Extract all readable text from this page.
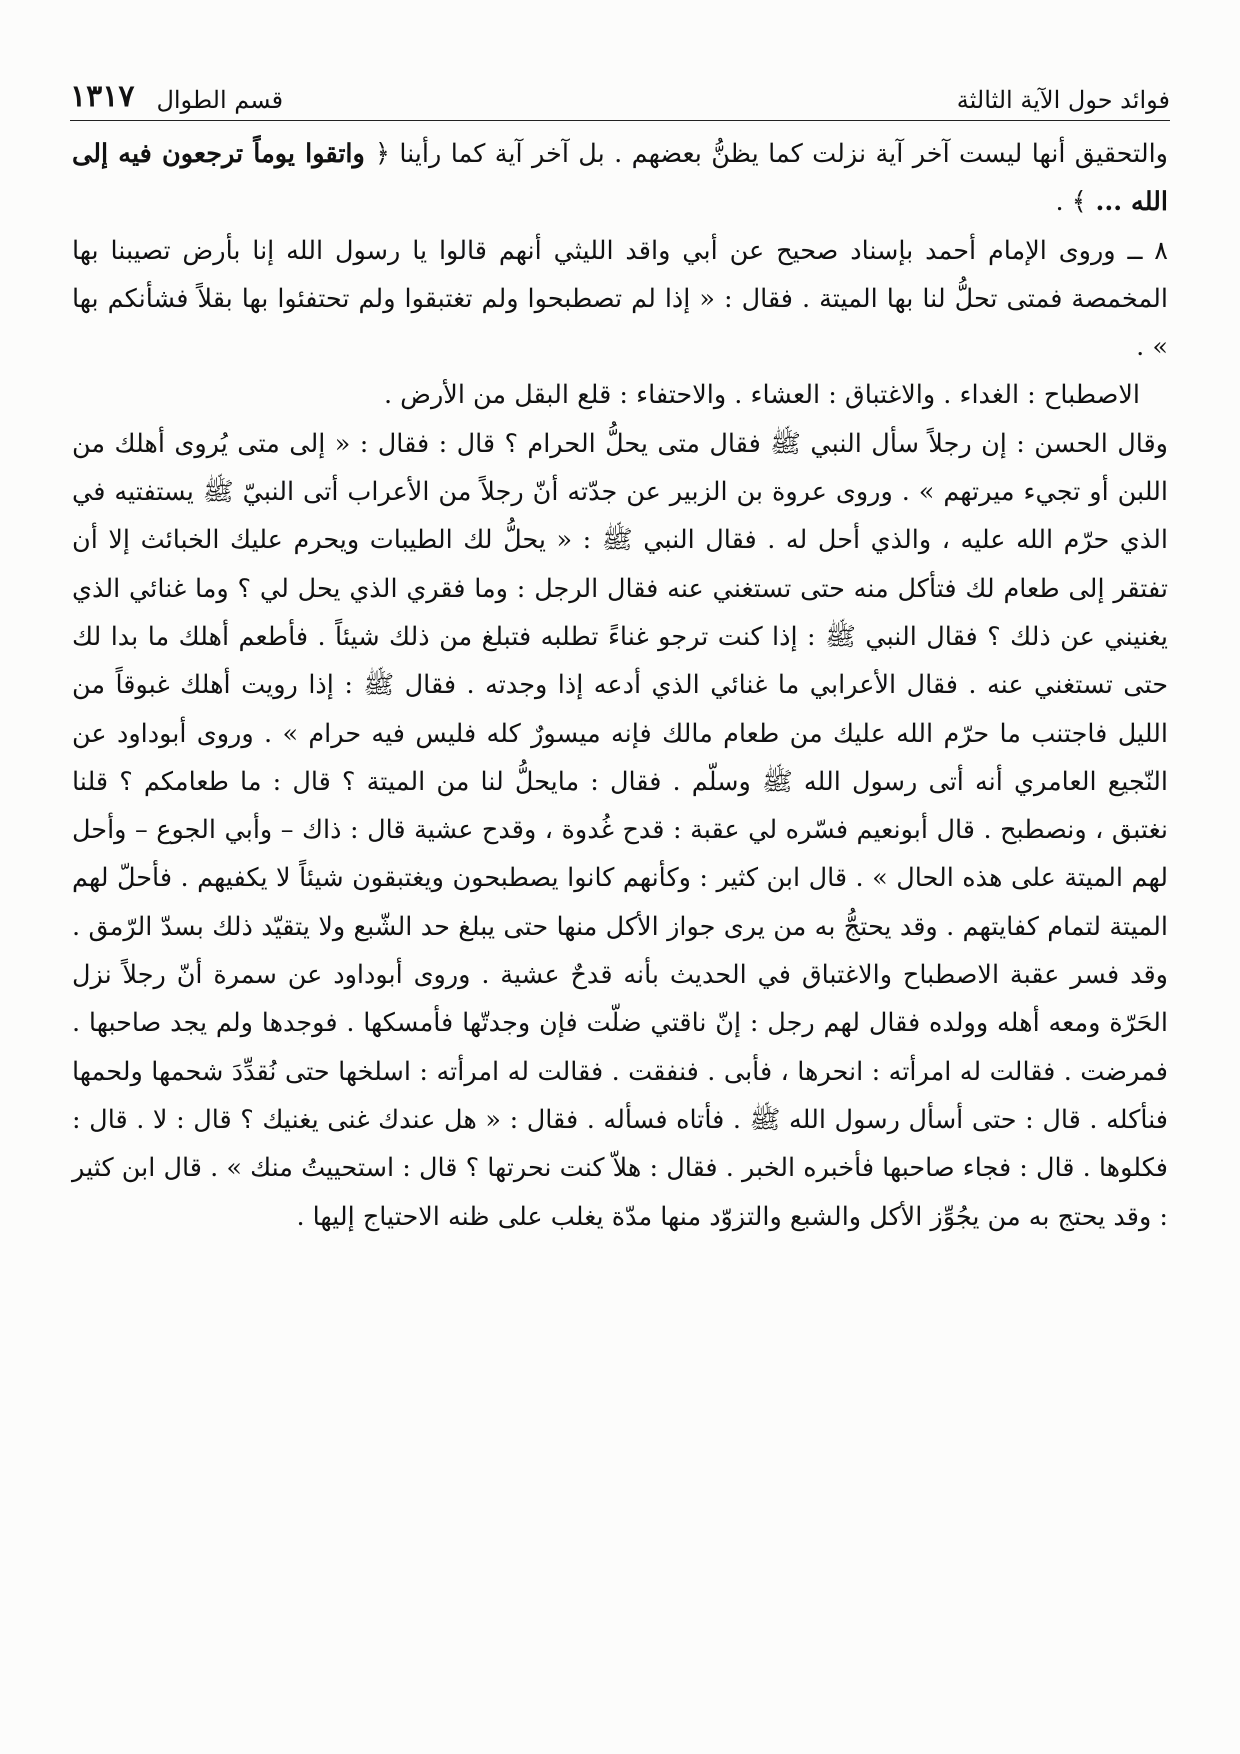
فوائد حول الآية الثالثة
قسم الطوال
١٣١٧

والتحقيق أنها ليست آخر آية نزلت كما يظنُّ بعضهم . بل آخر آية كما رأينا ﴿ واتقوا يوماً ترجعون فيه إلى الله ... ﴾ .

٨ ــ وروى الإمام أحمد بإسناد صحيح عن أبي واقد الليثي أنهم قالوا يا رسول الله إنا بأرض تصيبنا بها المخمصة فمتى تحلُّ لنا بها الميتة . فقال : « إذا لم تصطبحوا ولم تغتبقوا ولم تحتفئوا بها بقلاً فشأنكم بها » .

الاصطباح : الغداء . والاغتباق : العشاء . والاحتفاء : قلع البقل من الأرض .

وقال الحسن : إن رجلاً سأل النبي ﷺ فقال متى يحلُّ الحرام ؟ قال : فقال : « إلى متى يُروى أهلك من اللبن أو تجيء ميرتهم » . وروى عروة بن الزبير عن جدّته أنّ رجلاً من الأعراب أتى النبيّ ﷺ يستفتيه في الذي حرّم الله عليه ، والذي أحل له . فقال النبي ﷺ : « يحلُّ لك الطيبات ويحرم عليك الخبائث إلا أن تفتقر إلى طعام لك فتأكل منه حتى تستغني عنه فقال الرجل : وما فقري الذي يحل لي ؟ وما غنائي الذي يغنيني عن ذلك ؟ فقال النبي ﷺ : إذا كنت ترجو غناءً تطلبه فتبلغ من ذلك شيئاً . فأطعم أهلك ما بدا لك حتى تستغني عنه . فقال الأعرابي ما غنائي الذي أدعه إذا وجدته . فقال ﷺ : إذا رويت أهلك غبوقاً من الليل فاجتنب ما حرّم الله عليك من طعام مالك فإنه ميسورٌ كله فليس فيه حرام » . وروى أبوداود عن النّجيع العامري أنه أتى رسول الله ﷺ وسلّم . فقال : مايحلُّ لنا من الميتة ؟ قال : ما طعامكم ؟ قلنا نغتبق ، ونصطبح . قال أبونعيم فسّره لي عقبة : قدح غُدوة ، وقدح عشية قال : ذاك – وأبي الجوع – وأحل لهم الميتة على هذه الحال » . قال ابن كثير : وكأنهم كانوا يصطبحون ويغتبقون شيئاً لا يكفيهم . فأحلّ لهم الميتة لتمام كفايتهم . وقد يحتجُّ به من يرى جواز الأكل منها حتى يبلغ حد الشّبع ولا يتقيّد ذلك بسدّ الرّمق . وقد فسر عقبة الاصطباح والاغتباق في الحديث بأنه قدحٌ عشية . وروى أبوداود عن سمرة أنّ رجلاً نزل الحَرّة ومعه أهله وولده فقال لهم رجل : إنّ ناقتي ضلّت فإن وجدتّها فأمسكها . فوجدها ولم يجد صاحبها . فمرضت . فقالت له امرأته : انحرها ، فأبى . فنفقت . فقالت له امرأته : اسلخها حتى نُقدِّدَ شحمها ولحمها فنأكله . قال : حتى أسأل رسول الله ﷺ . فأتاه فسأله . فقال : « هل عندك غنى يغنيك ؟ قال : لا . قال : فكلوها . قال : فجاء صاحبها فأخبره الخبر . فقال : هلاّ كنت نحرتها ؟ قال : استحييتُ منك » . قال ابن كثير : وقد يحتج به من يجُوِّز الأكل والشبع والتزوّد منها مدّة يغلب على ظنه الاحتياج إليها .
